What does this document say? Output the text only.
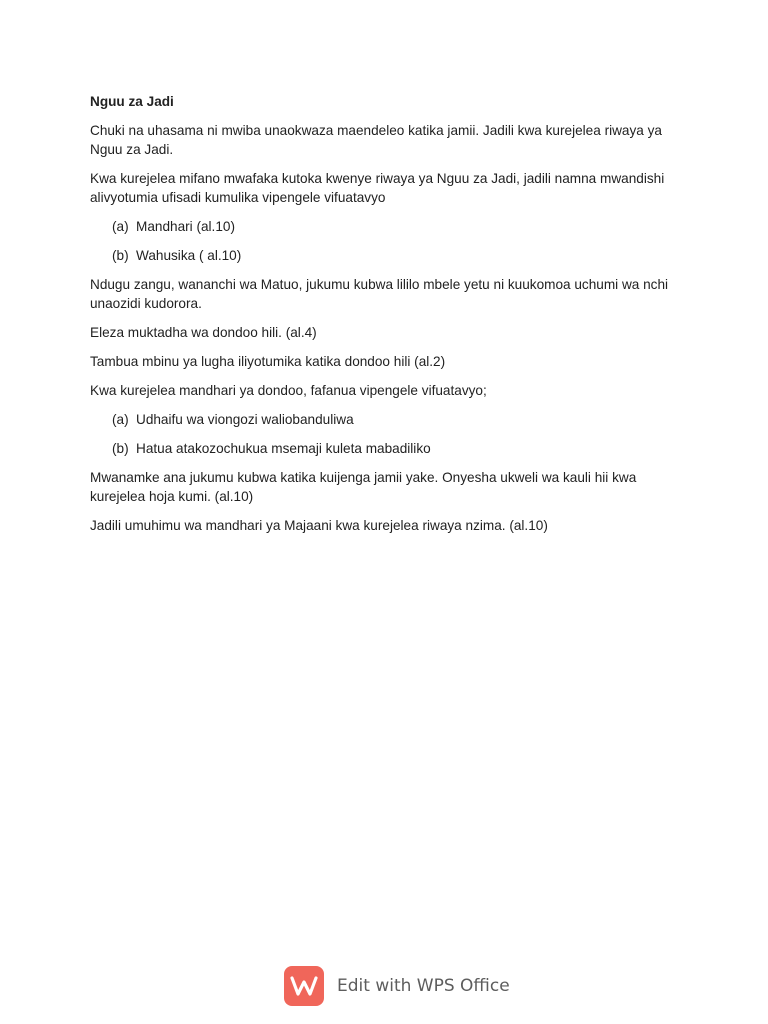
Nguu za Jadi
Chuki na uhasama ni mwiba unaokwaza maendeleo katika jamii. Jadili kwa kurejelea riwaya ya Nguu za Jadi.
Kwa kurejelea mifano mwafaka kutoka kwenye riwaya ya Nguu za Jadi, jadili namna mwandishi alivyotumia ufisadi kumulika vipengele vifuatavyo
(a) Mandhari (al.10)
(b) Wahusika ( al.10)
Ndugu zangu, wananchi wa Matuo, jukumu kubwa lililo mbele yetu ni kuukomoa uchumi wa nchi unaozidi kudorora.
Eleza muktadha wa dondoo hili. (al.4)
Tambua mbinu ya lugha iliyotumika katika dondoo hili (al.2)
Kwa kurejelea mandhari ya dondoo, fafanua vipengele vifuatavyo;
(a) Udhaifu wa viongozi waliobanduliwa
(b) Hatua atakozochukua msemaji kuleta mabadiliko
Mwanamke ana jukumu kubwa katika kuijenga jamii yake. Onyesha ukweli wa kauli hii kwa kurejelea hoja kumi. (al.10)
Jadili umuhimu wa mandhari ya Majaani kwa kurejelea riwaya nzima. (al.10)
Edit with WPS Office
